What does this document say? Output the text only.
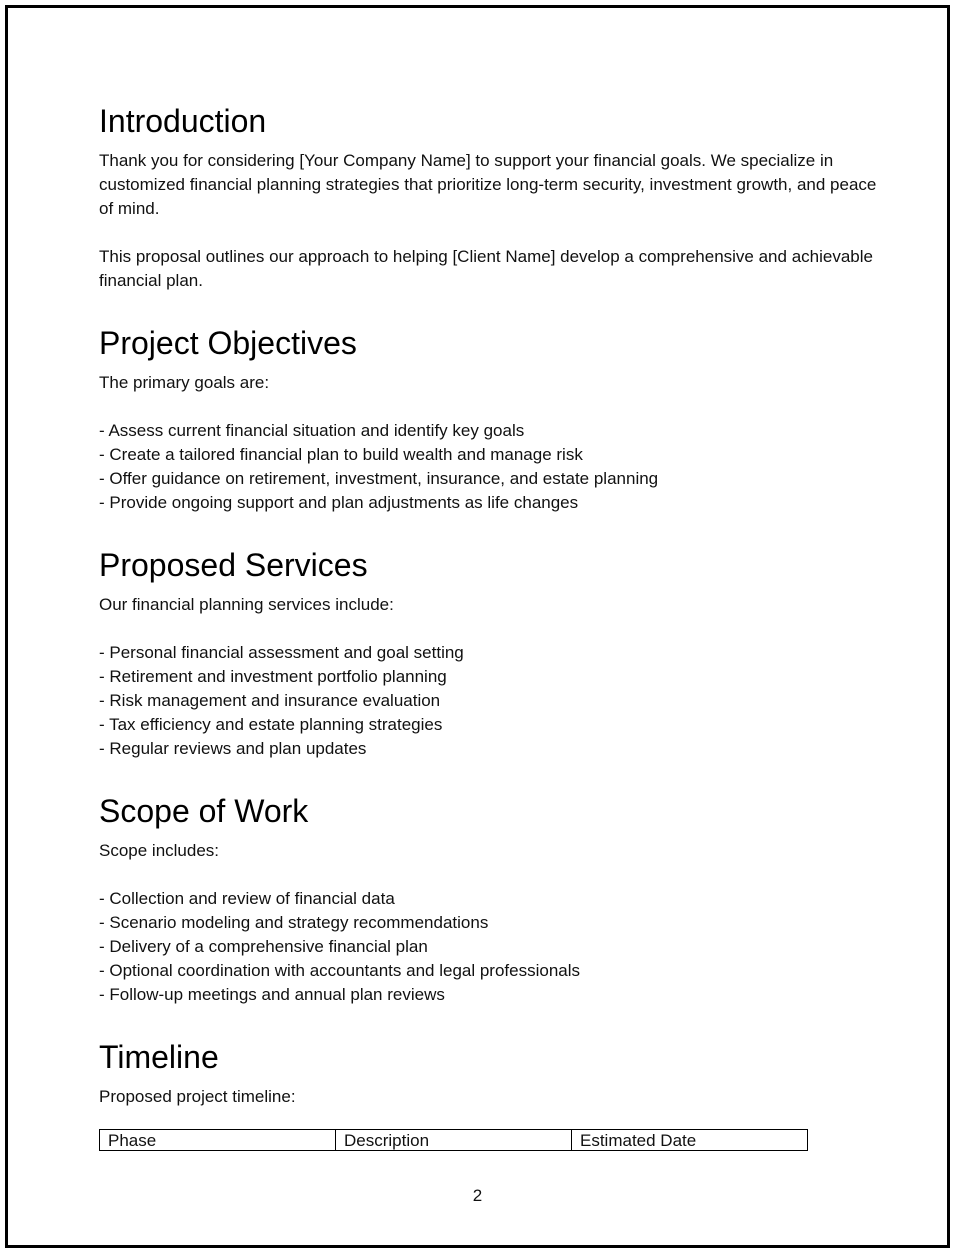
Introduction

Thank you for considering [Your Company Name] to support your financial goals. We specialize in customized financial planning strategies that prioritize long-term security, investment growth, and peace of mind.

This proposal outlines our approach to helping [Client Name] develop a comprehensive and achievable financial plan.

Project Objectives

The primary goals are:

- Assess current financial situation and identify key goals
- Create a tailored financial plan to build wealth and manage risk
- Offer guidance on retirement, investment, insurance, and estate planning
- Provide ongoing support and plan adjustments as life changes
Proposed Services

Our financial planning services include:

- Personal financial assessment and goal setting
- Retirement and investment portfolio planning
- Risk management and insurance evaluation
- Tax efficiency and estate planning strategies
- Regular reviews and plan updates
Scope of Work

Scope includes:

- Collection and review of financial data
- Scenario modeling and strategy recommendations
- Delivery of a comprehensive financial plan
- Optional coordination with accountants and legal professionals
- Follow-up meetings and annual plan reviews
Timeline

Proposed project timeline:

Phase	Description	Estimated Date
2
